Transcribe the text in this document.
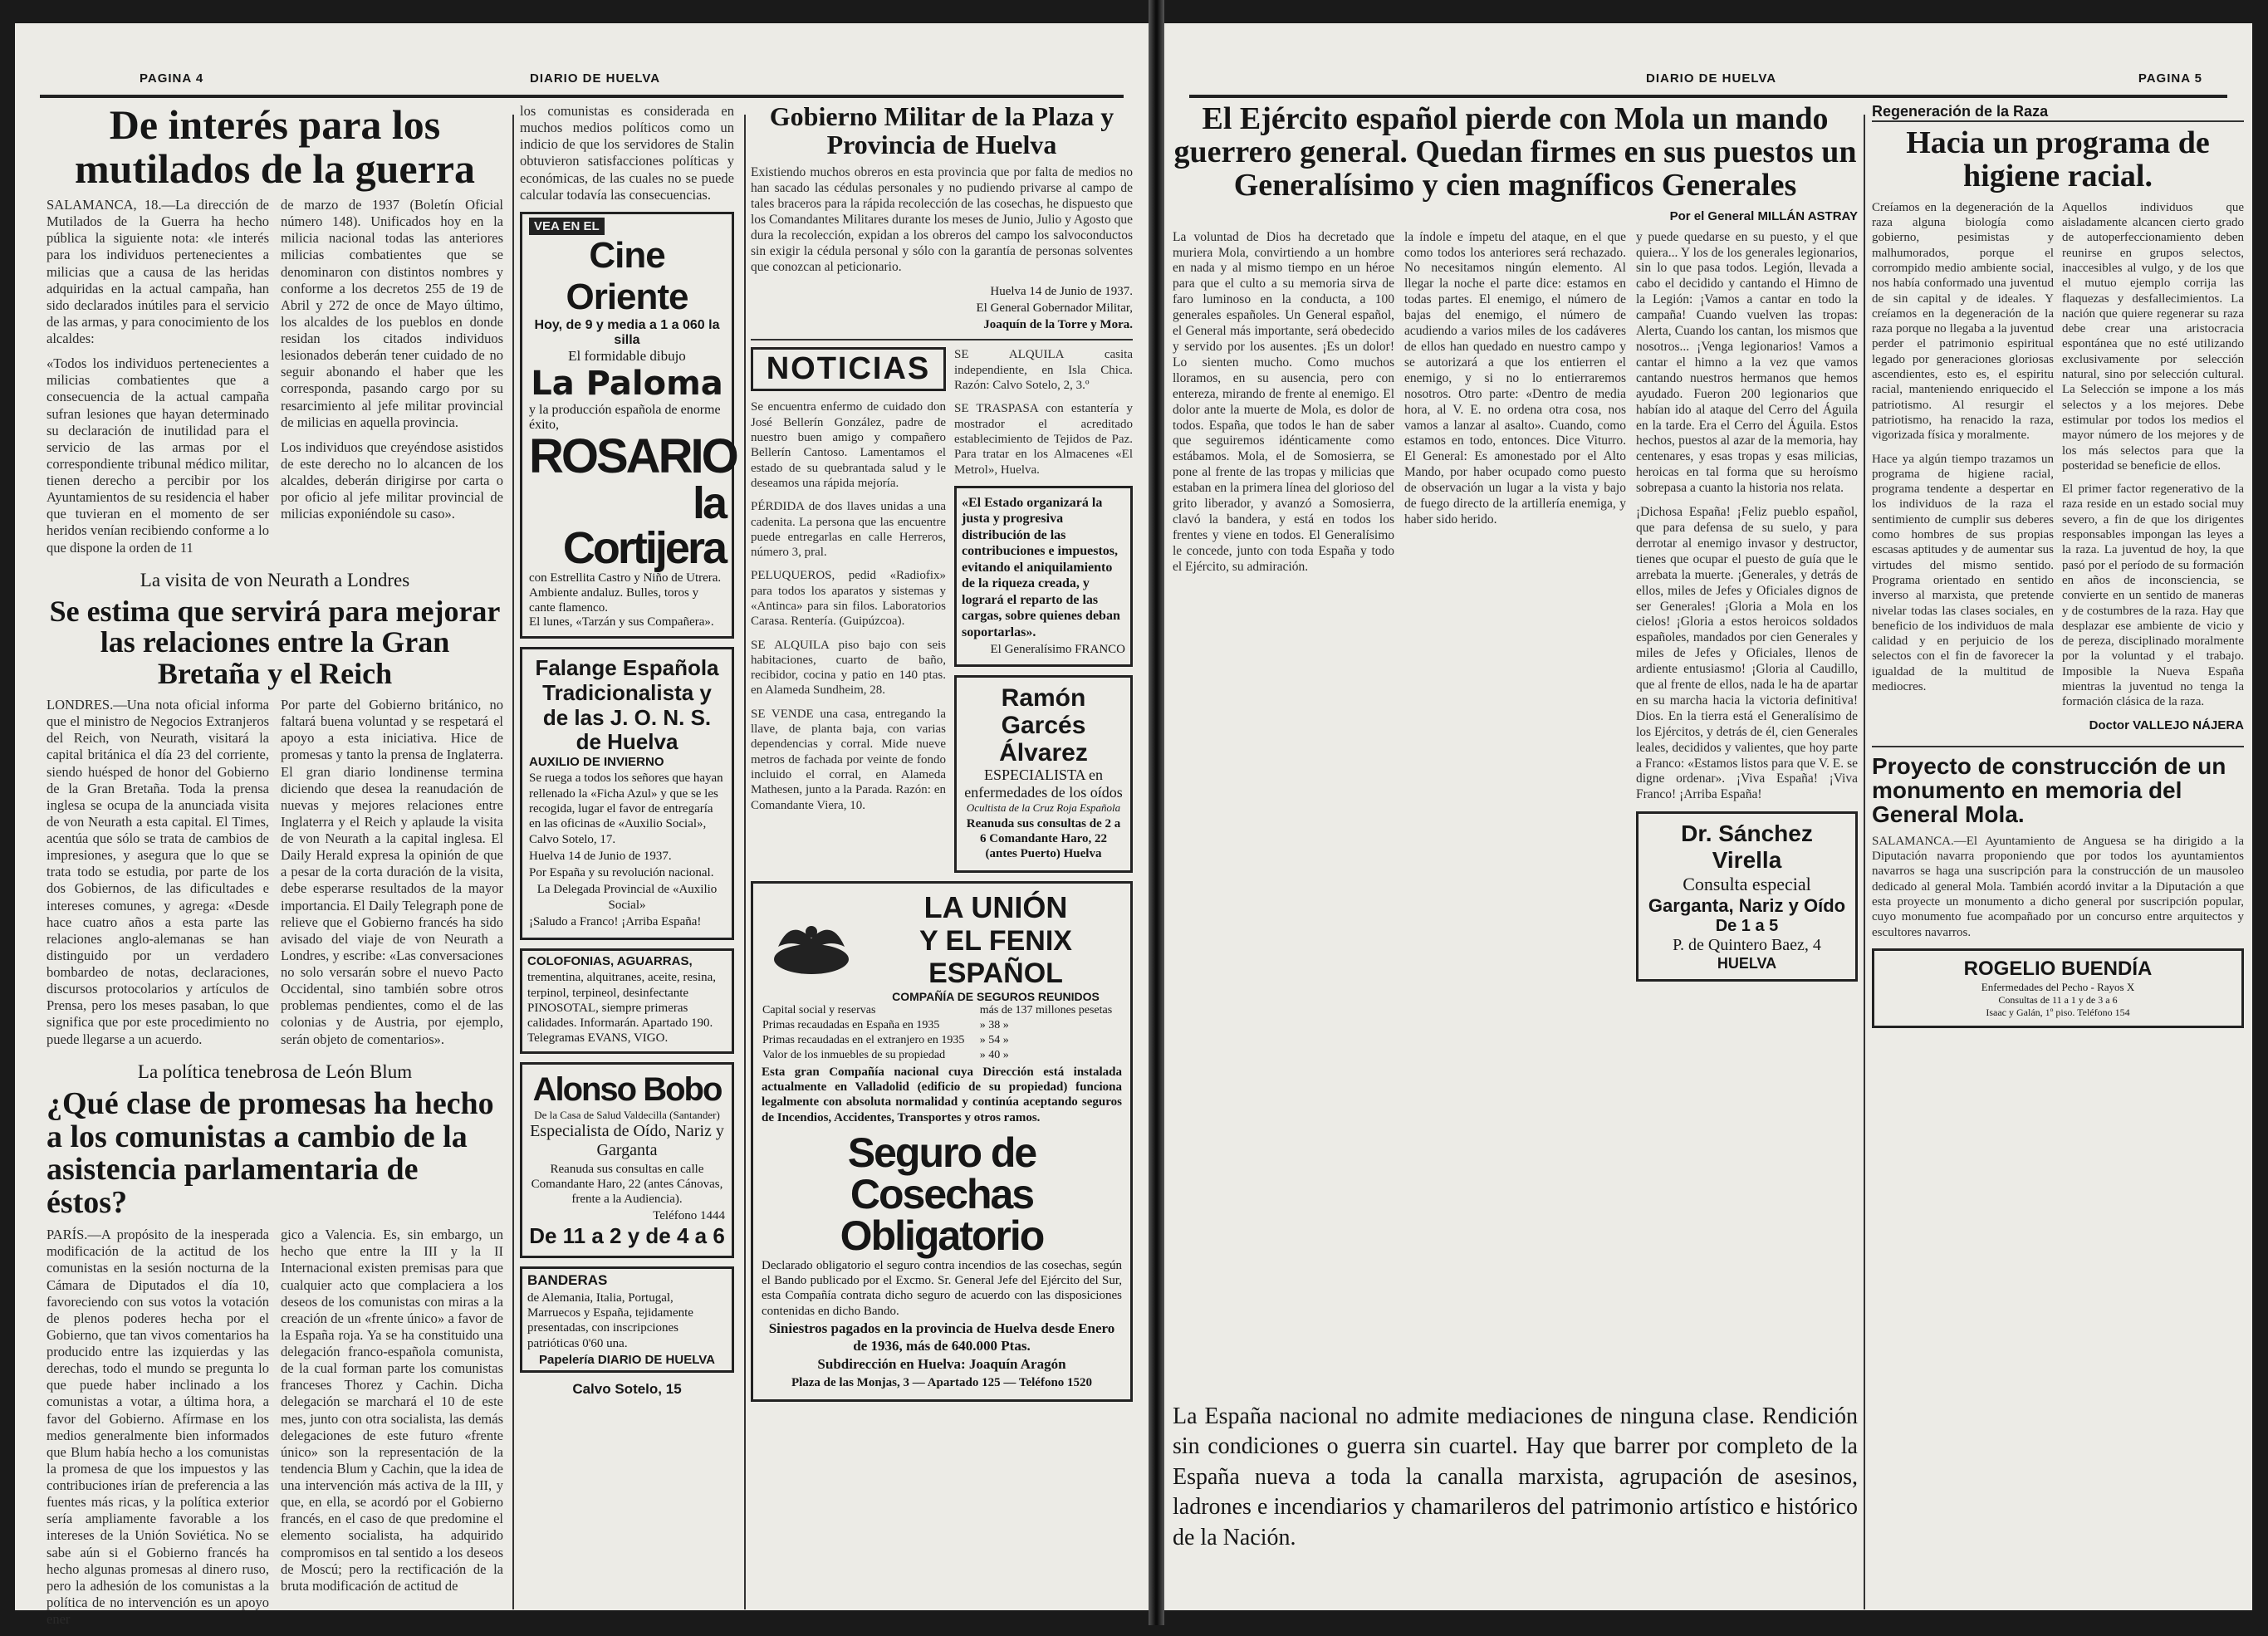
PAGINA 4	DIARIO DE HUELVA
De interés para los mutilados de la guerra

SALAMANCA, 18.—La dirección de Mutilados de la Guerra ha hecho pública la siguiente nota: «le interés para los individuos pertenecientes a milicias que a causa de las heridas adquiridas en la actual campaña, han sido declarados inútiles para el servicio de las armas, y para conocimiento de los alcaldes:

«Todos los individuos pertenecientes a milicias combatientes que a consecuencia de la actual campaña sufran lesiones que hayan determinado su declaración de inutilidad para el servicio de las armas por el correspondiente tribunal médico militar, tienen derecho a percibir por los Ayuntamientos de su residencia el haber que tuvieran en el momento de ser heridos venían recibiendo conforme a lo que dispone la orden de 11

de marzo de 1937 (Boletín Oficial número 148). Unificados hoy en la milicia nacional todas las anteriores milicias combatientes que se denominaron con distintos nombres y conforme a los decretos 255 de 19 de Abril y 272 de once de Mayo último, los alcaldes de los pueblos en donde residan los citados individuos lesionados deberán tener cuidado de no seguir abonando el haber que les corresponda, pasando cargo por su resarcimiento al jefe militar provincial de milicias en aquella provincia.

Los individuos que creyéndose asistidos de este derecho no lo alcancen de los alcaldes, deberán dirigirse por carta o por oficio al jefe militar provincial de milicias exponiéndole su caso».

La visita de von Neurath a Londres

Se estima que servirá para mejorar las relaciones entre la Gran Bretaña y el Reich

LONDRES.—Una nota oficial informa que el ministro de Negocios Extranjeros del Reich, von Neurath, visitará la capital británica el día 23 del corriente, siendo huésped de honor del Gobierno de la Gran Bretaña. Toda la prensa inglesa se ocupa de la anunciada visita de von Neurath a esta capital. El Times, acentúa que sólo se trata de cambios de impresiones, y asegura que lo que se trata todo se estudia, por parte de los dos Gobiernos, de las dificultades e intereses comunes, y agrega: «Desde hace cuatro años a esta parte las relaciones anglo-alemanas se han distinguido por un verdadero bombardeo de notas, declaraciones, discursos protocolarios y artículos de Prensa, pero los meses pasaban, lo que significa que por este procedimiento no puede llegarse a un acuerdo.

Por parte del Gobierno británico, no faltará buena voluntad y se respetará el apoyo a esta iniciativa. Hice de promesas y tanto la prensa de Inglaterra. El gran diario londinense termina diciendo que desea la reanudación de nuevas y mejores relaciones entre Inglaterra y el Reich y aplaude la visita de von Neurath a la capital inglesa. El Daily Herald expresa la opinión de que a pesar de la corta duración de la visita, debe esperarse resultados de la mayor importancia. El Daily Telegraph pone de relieve que el Gobierno francés ha sido avisado del viaje de von Neurath a Londres, y escribe: «Las conversaciones no solo versarán sobre el nuevo Pacto Occidental, sino también sobre otros problemas pendientes, como el de las colonias y de Austria, por ejemplo, serán objeto de comentarios».

La política tenebrosa de León Blum

¿Qué clase de promesas ha hecho a los comunistas a cambio de la asistencia parlamentaria de éstos?

PARÍS.—A propósito de la inesperada modificación de la actitud de los comunistas en la sesión nocturna de la Cámara de Diputados el día 10, favoreciendo con sus votos la votación de plenos poderes hecha por el Gobierno, que tan vivos comentarios ha producido entre las izquierdas y las derechas, todo el mundo se pregunta lo que puede haber inclinado a los comunistas a votar, a última hora, a favor del Gobierno. Afírmase en los medios generalmente bien informados que Blum había hecho a los comunistas la promesa de que los impuestos y las contribuciones irían de preferencia a las fuentes más ricas, y la política exterior sería ampliamente favorable a los intereses de la Unión Soviética. No se sabe aún si el Gobierno francés ha hecho algunas promesas al dinero ruso, pero la adhesión de los comunistas a la política de no intervención es un apoyo ener

gico a Valencia. Es, sin embargo, un hecho que entre la III y la II Internacional existen premisas para que cualquier acto que complaciera a los deseos de los comunistas con miras a la creación de un «frente único» a favor de la España roja. Ya se ha constituido una delegación franco-española comunista, de la cual forman parte los comunistas franceses Thorez y Cachin. Dicha delegación se marchará el 10 de este mes, junto con otra socialista, las demás delegaciones de este futuro «frente único» son la representación de la tendencia Blum y Cachin, que la idea de una intervención más activa de la III, y que, en ella, se acordó por el Gobierno francés, en el caso de que predomine el elemento socialista, ha adquirido compromisos en tal sentido a los deseos de Moscú; pero la rectificación de la bruta modificación de actitud de

los comunistas es considerada en muchos medios políticos como un indicio de que los servidores de Stalin obtuvieron satisfacciones políticas y económicas, de las cuales no se puede calcular todavía las consecuencias.

VEA EN EL
Cine Oriente
Hoy, de 9 y media a 1 a 060 la silla
El formidable dibujo
La Paloma
y la producción española de enorme éxito,
ROSARIO
la Cortijera
con Estrellita Castro y Niño de Utrera. Ambiente andaluz. Bulles, toros y cante flamenco.
El lunes, «Tarzán y sus Compañera».
Falange Española Tradicionalista y de las J. O. N. S. de Huelva
AUXILIO DE INVIERNO

Se ruega a todos los señores que hayan rellenado la «Ficha Azul» y que se les recogida, lugar el favor de entregaría en las oficinas de «Auxilio Social», Calvo Sotelo, 17.

Huelva 14 de Junio de 1937.

Por España y su revolución nacional.

La Delegada Provincial de «Auxilio Social»

¡Saludo a Franco! ¡Arriba España!

COLOFONIAS, AGUARRAS,

trementina, alquitranes, aceite, resina, terpinol, terpineol, desinfectante PINOSOTAL, siempre primeras calidades. Informarán. Apartado 190. Telegramas EVANS, VIGO.

Alonso Bobo
De la Casa de Salud Valdecilla (Santander)
Especialista de Oído, Nariz y Garganta

Reanuda sus consultas en calle Comandante Haro, 22 (antes Cánovas, frente a la Audiencia).

Teléfono 1444
De 11 a 2 y de 4 a 6
BANDERAS

de Alemania, Italia, Portugal, Marruecos y España, tejidamente presentadas, con inscripciones patrióticas 0'60 una.

Papelería DIARIO DE HUELVA
Calvo Sotelo, 15
Gobierno Militar de la Plaza y Provincia de Huelva

Existiendo muchos obreros en esta provincia que por falta de medios no han sacado las cédulas personales y no pudiendo privarse al campo de tales braceros para la rápida recolección de las cosechas, he dispuesto que los Comandantes Militares durante los meses de Junio, Julio y Agosto que dura la recolección, expidan a los obreros del campo los salvoconductos sin exigir la cédula personal y sólo con la garantía de personas solventes que conozcan al peticionario.

Huelva 14 de Junio de 1937.

El General Gobernador Militar,

Joaquín de la Torre y Mora.

NOTICIAS

Se encuentra enfermo de cuidado don José Bellerín González, padre de nuestro buen amigo y compañero Bellerín Cantoso. Lamentamos el estado de su quebrantada salud y le deseamos una rápida mejoría.

PÉRDIDA de dos llaves unidas a una cadenita. La persona que las encuentre puede entregarlas en calle Herreros, número 3, pral.

PELUQUEROS, pedid «Radiofix» para todos los aparatos y sistemas y «Antinca» para sin filos. Laboratorios Carasa. Rentería. (Guipúzcoa).

SE ALQUILA piso bajo con seis habitaciones, cuarto de baño, recibidor, cocina y patio en 140 ptas. en Alameda Sundheim, 28.

SE VENDE una casa, entregando la llave, de planta baja, con varias dependencias y corral. Mide nueve metros de fachada por veinte de fondo incluido el corral, en Alameda Mathesen, junto a la Parada. Razón: en Comandante Viera, 10.

SE ALQUILA casita independiente, en Isla Chica. Razón: Calvo Sotelo, 2, 3.º

SE TRASPASA con estantería y mostrador el acreditado establecimiento de Tejidos de Paz. Para tratar en los Almacenes «El Metrol», Huelva.

«El Estado organizará la justa y progresiva distribución de las contribuciones e impuestos, evitando el aniquilamiento de la riqueza creada, y logrará el reparto de las cargas, sobre quienes deban soportarlas».

El Generalísimo FRANCO

Ramón Garcés Álvarez
ESPECIALISTA en enfermedades de los oídos
Ocultista de la Cruz Roja Española

Reanuda sus consultas de 2 a 6 Comandante Haro, 22 (antes Puerto) Huelva

LA UNIÓN
Y EL FENIX ESPAÑOL
COMPAÑÍA DE SEGUROS REUNIDOS
Capital social y reservas	más de 137 millones pesetas
Primas recaudadas en España en 1935	» 38 »
Primas recaudadas en el extranjero en 1935	» 54 »
Valor de los inmuebles de su propiedad	» 40 »

Esta gran Compañía nacional cuya Dirección está instalada actualmente en Valladolid (edificio de su propiedad) funciona legalmente con absoluta normalidad y continúa aceptando seguros de Incendios, Accidentes, Transportes y otros ramos.

Seguro de Cosechas
Obligatorio

Declarado obligatorio el seguro contra incendios de las cosechas, según el Bando publicado por el Excmo. Sr. General Jefe del Ejército del Sur, esta Compañía contrata dicho seguro de acuerdo con las disposiciones contenidas en dicho Bando.

Siniestros pagados en la provincia de Huelva desde Enero de 1936, más de 640.000 Ptas.

Subdirección en Huelva: Joaquín Aragón

Plaza de las Monjas, 3 — Apartado 125 — Teléfono 1520

DIARIO DE HUELVA	PAGINA 5
El Ejército español pierde con Mola un mando guerrero general. Quedan firmes en sus puestos un Generalísimo y cien magníficos Generales
Por el General MILLÁN ASTRAY

La voluntad de Dios ha decretado que muriera Mola, convirtiendo a un hombre en nada y al mismo tiempo en un héroe para que el culto a su memoria sirva de faro luminoso en la conducta, a 100 generales españoles. Un General español, el General más importante, será obedecido y servido por los ausentes. ¡Es un dolor! Lo sienten mucho. Como muchos lloramos, en su ausencia, pero con entereza, mirando de frente al enemigo. El dolor ante la muerte de Mola, es dolor de todos. España, que todos le han de saber que seguiremos idénticamente como estábamos. Mola, el de Somosierra, se pone al frente de las tropas y milicias que estaban en la primera línea del glorioso del grito liberador, y avanzó a Somosierra, clavó la bandera, y está en todos los frentes y viene en todos. El Generalísimo le concede, junto con toda España y todo el Ejército, su admiración.

la índole e ímpetu del ataque, en el que como todos los anteriores será rechazado. No necesitamos ningún elemento. Al llegar la noche el parte dice: estamos en todas partes. El enemigo, el número de bajas del enemigo, el número de acudiendo a varios miles de los cadáveres de ellos han quedado en nuestro campo y se autorizará a que los entierren el enemigo, y si no lo entierraremos nosotros. Otro parte: «Dentro de media hora, al V. E. no ordena otra cosa, nos vamos a lanzar al asalto». Cuando, como estamos en todo, entonces. Dice Viturro. El General: Es amonestado por el Alto Mando, por haber ocupado como puesto de observación un lugar a la vista y bajo de fuego directo de la artillería enemiga, y haber sido herido.

y puede quedarse en su puesto, y el que quiera... Y los de los generales legionarios, sin lo que pasa todos. Legión, llevada a cabo el decidido y cantando el Himno de la Legión: ¡Vamos a cantar en todo la campaña! Cuando vuelven las tropas: Alerta, Cuando los cantan, los mismos que nosotros... ¡Venga legionarios! Vamos a cantar el himno a la vez que vamos cantando nuestros hermanos que hemos ayudado. Fueron 200 legionarios que habían ido al ataque del Cerro del Águila en la tarde. Era el Cerro del Águila. Estos hechos, puestos al azar de la memoria, hay centenares, y esas tropas y esas milicias, heroicas en tal forma que su heroísmo sobrepasa a cuanto la historia nos relata.

¡Dichosa España! ¡Feliz pueblo español, que para defensa de su suelo, y para derrotar al enemigo invasor y destructor, tienes que ocupar el puesto de guía que le arrebata la muerte. ¡Generales, y detrás de ellos, miles de Jefes y Oficiales dignos de ser Generales! ¡Gloria a Mola en los cielos! ¡Gloria a estos heroicos soldados españoles, mandados por cien Generales y miles de Jefes y Oficiales, llenos de ardiente entusiasmo! ¡Gloria al Caudillo, que al frente de ellos, nada le ha de apartar en su marcha hacia la victoria definitiva! Dios. En la tierra está el Generalísimo de los Ejércitos, y detrás de él, cien Generales leales, decididos y valientes, que hoy parte a Franco: «Estamos listos para que V. E. se digne ordenar». ¡Viva España! ¡Viva Franco! ¡Arriba España!

Dr. Sánchez Virella
Consulta especial
Garganta, Nariz y Oído
De 1 a 5
P. de Quintero Baez, 4
HUELVA

La España nacional no admite mediaciones de ninguna clase. Rendición sin condiciones o guerra sin cuartel. Hay que barrer por completo de la España nueva a toda la canalla marxista, agrupación de asesinos, ladrones e incendiarios y chamarileros del patrimonio artístico e histórico de la Nación.

Regeneración de la Raza
Hacia un programa de higiene racial.

Creíamos en la degeneración de la raza alguna biología como gobierno, pesimistas y malhumorados, porque el corrompido medio ambiente social, nos había conformado una juventud de sin capital y de ideales. Y creíamos en la degeneración de la raza porque no llegaba a la juventud perder el patrimonio espiritual legado por generaciones gloriosas ascendientes, esto es, el espiritu racial, manteniendo enriquecido el patriotismo. Al resurgir el patriotismo, ha renacido la raza, vigorizada física y moralmente.

Hace ya algún tiempo trazamos un programa de higiene racial, programa tendente a despertar en los individuos de la raza el sentimiento de cumplir sus deberes como hombres de sus propias escasas aptitudes y de aumentar sus virtudes del mismo sentido. Programa orientado en sentido inverso al marxista, que pretende nivelar todas las clases sociales, en beneficio de los individuos de mala calidad y en perjuicio de los selectos con el fin de favorecer la igualdad de la multitud de mediocres.

Aquellos individuos que aisladamente alcancen cierto grado de autoperfeccionamiento deben reunirse en grupos selectos, inaccesibles al vulgo, y de los que el mutuo ejemplo corrija las flaquezas y desfallecimientos. La nación que quiere regenerar su raza debe crear una aristocracia espontánea que no esté utilizando exclusivamente por selección natural, sino por selección cultural. La Selección se impone a los más selectos y a los mejores. Debe estimular por todos los medios el mayor número de los mejores y de los más selectos para que la posteridad se beneficie de ellos.

El primer factor regenerativo de la raza reside en un estado social muy severo, a fin de que los dirigentes responsables impongan las leyes a la raza. La juventud de hoy, la que pasó por el período de su formación en años de inconsciencia, se convierte en un sentido de maneras y de costumbres de la raza. Hay que desplazar ese ambiente de vicio y de pereza, disciplinado moralmente por la voluntad y el trabajo. Imposible la Nueva España mientras la juventud no tenga la formación clásica de la raza.

Doctor VALLEJO NÁJERA
Proyecto de construcción de un monumento en memoria del General Mola.

SALAMANCA.—El Ayuntamiento de Anguesa se ha dirigido a la Diputación navarra proponiendo que por todos los ayuntamientos navarros se haga una suscripción para la construcción de un mausoleo dedicado al general Mola. También acordó invitar a la Diputación a que esta proyecte un monumento a dicho general por suscripción popular, cuyo monumento fue acompañado por un concurso entre arquitectos y escultores navarros.

ROGELIO BUENDÍA
Enfermedades del Pecho - Rayos X
Consultas de 11 a 1 y de 3 a 6
Isaac y Galán, 1º piso. Teléfono 154
